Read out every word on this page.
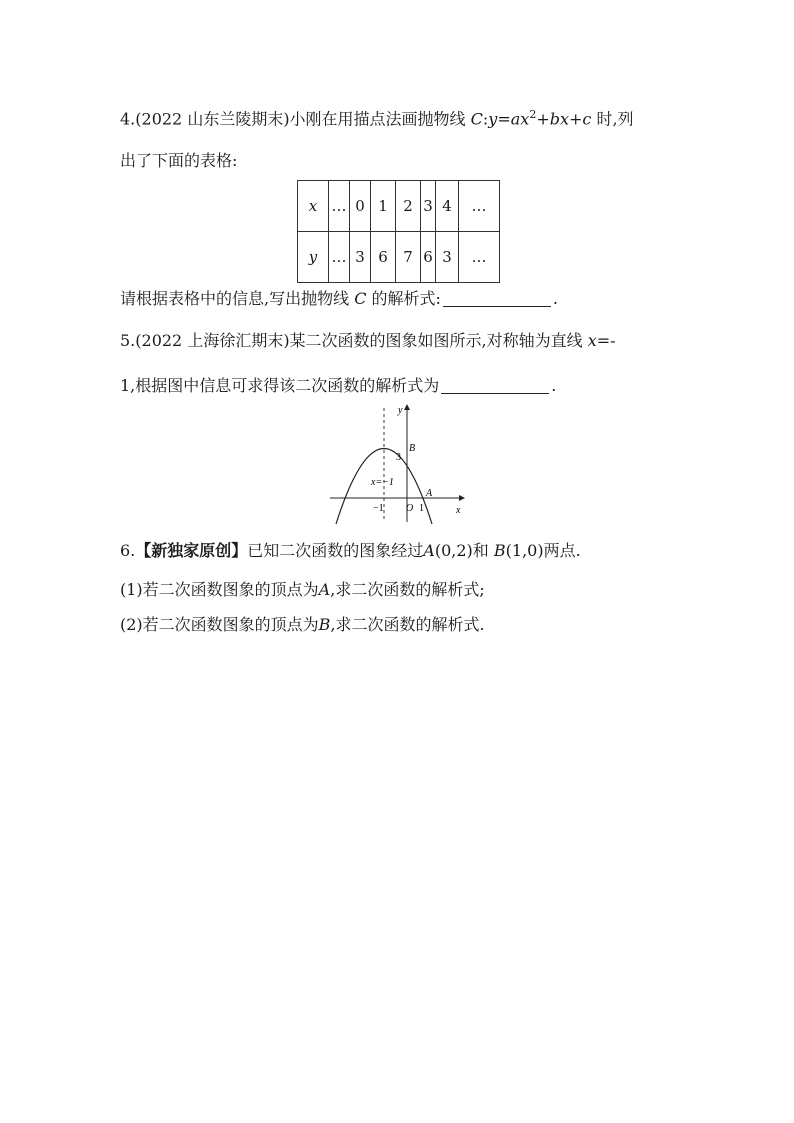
4.(2022 山东兰陵期末)小刚在用描点法画抛物线 $C:y=ax^2+bx+c$ 时,列
出了下面的表格:
x	…	0	1	2	3	4	…
y	…	3	6	7	6	3	…
请根据表格中的信息,写出抛物线 C 的解析式:	.
5.(2022 上海徐汇期末)某二次函数的图象如图所示,对称轴为直线 x=-
1,根据图中信息可求得该二次函数的解析式为	.
y
x
B
3
x=−1
A
−1 O 1
6.【新独家原创】已知二次函数的图象经过A(0,2)和 B(1,0)两点.
(1)若二次函数图象的顶点为A,求二次函数的解析式;
(2)若二次函数图象的顶点为B,求二次函数的解析式.
